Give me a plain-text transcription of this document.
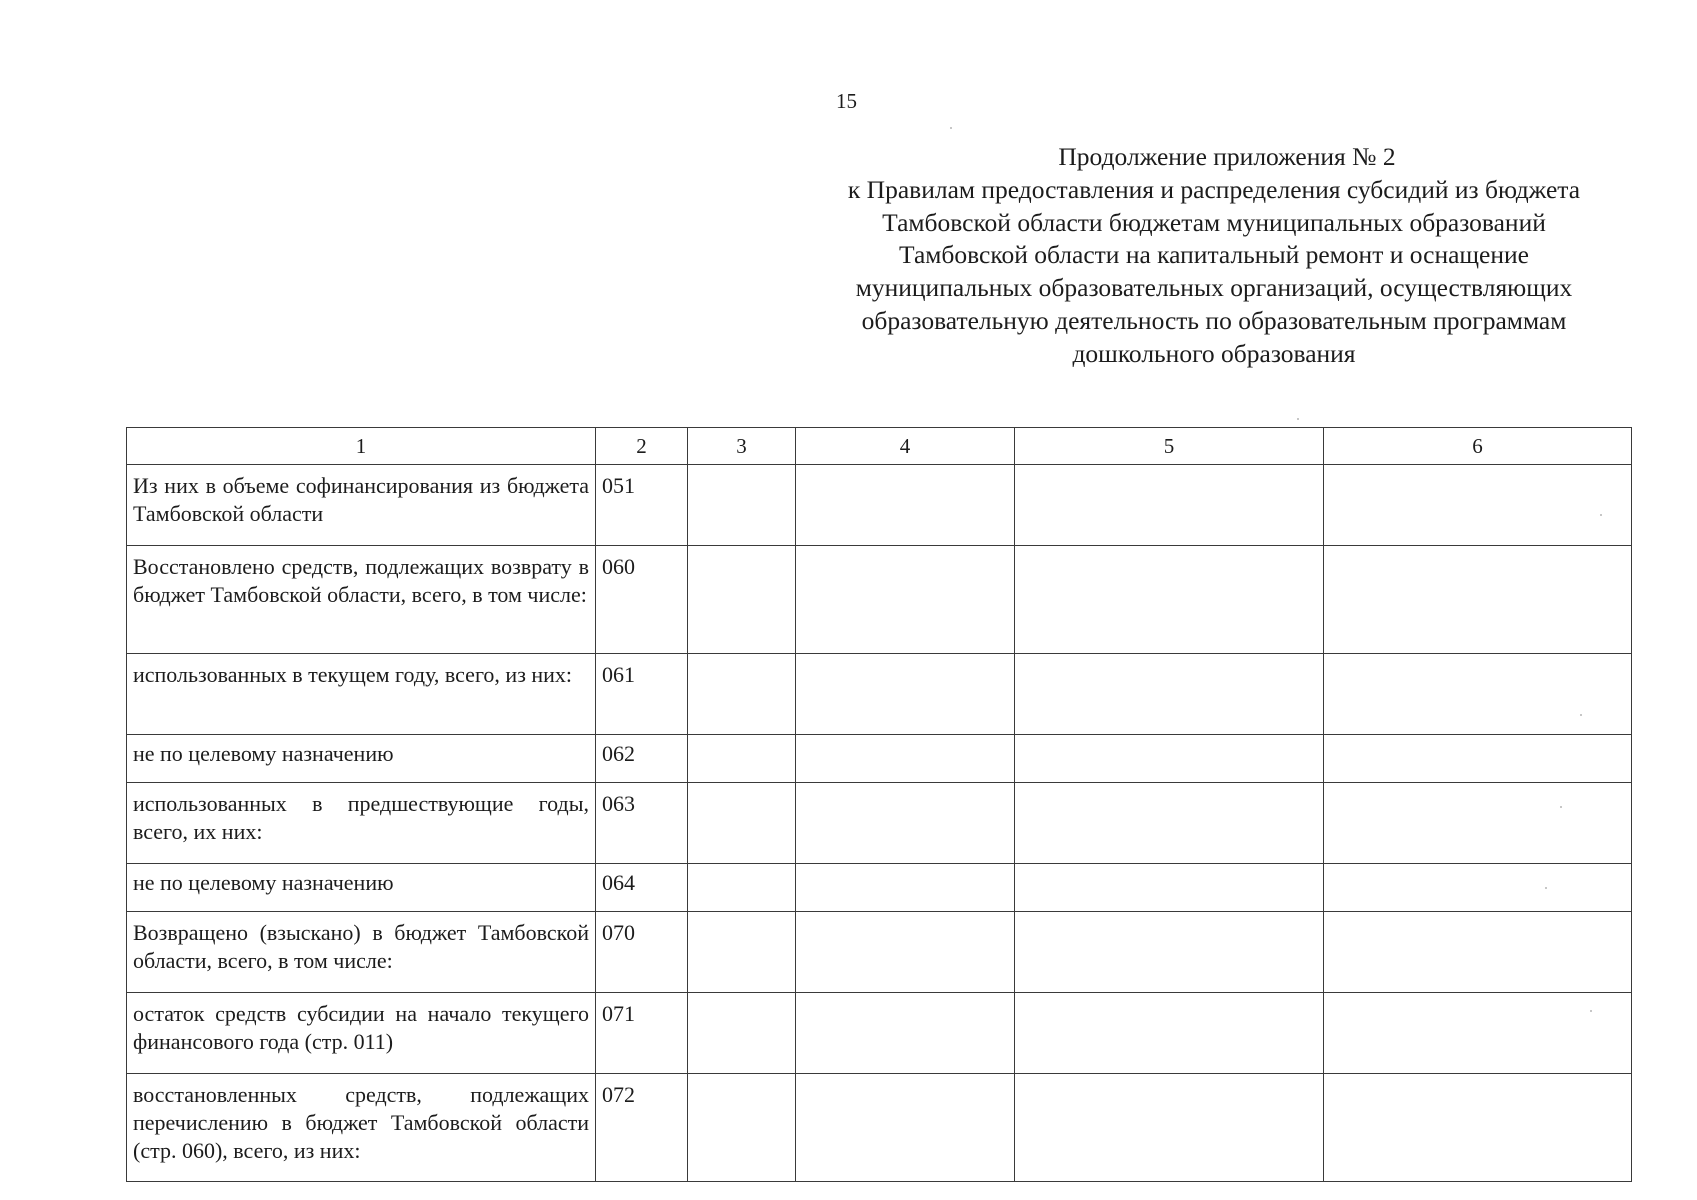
15
Продолжение приложения № 2
к Правилам предоставления и распределения субсидий из бюджета
Тамбовской области бюджетам муниципальных образований
Тамбовской области на капитальный ремонт и оснащение
муниципальных образовательных организаций, осуществляющих
образовательную деятельность по образовательным программам
дошкольного образования
1	2	3	4	5	6
Из них в объеме софинансирования из бюджета Тамбовской области	051				
Восстановлено средств, подлежащих возврату в бюджет Тамбовской области, всего, в том числе:	060				
использованных в текущем году, всего, из них:	061				
не по целевому назначению	062				
использованных в предшествующие годы, всего, их них:	063				
не по целевому назначению	064				
Возвращено (взыскано) в бюджет Тамбовской области, всего, в том числе:	070				
остаток средств субсидии на начало текущего финансового года (стр. 011)	071				
восстановленных средств, подлежащих перечислению в бюджет Тамбовской области (стр. 060), всего, из них:	072				
